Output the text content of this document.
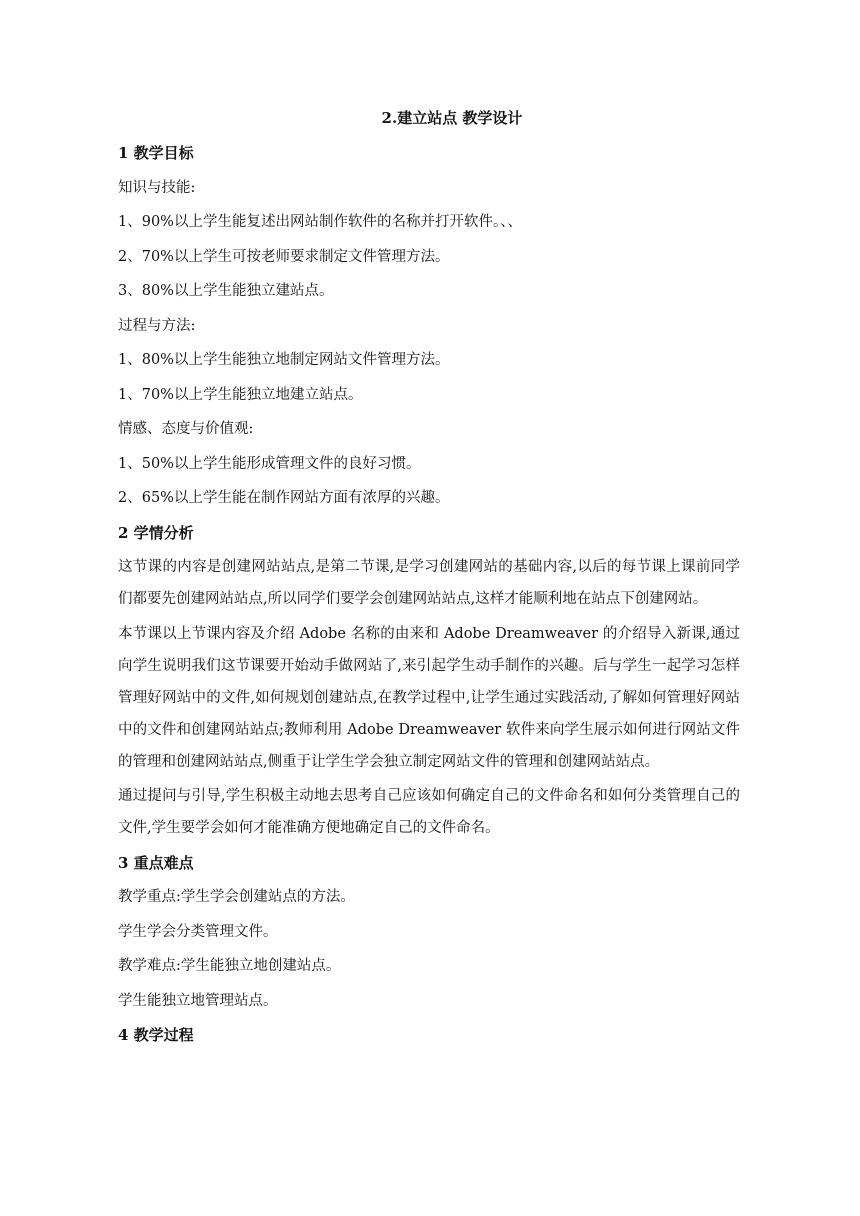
2.建立站点 教学设计
1 教学目标
知识与技能:
1、90%以上学生能复述出网站制作软件的名称并打开软件。、、
2、70%以上学生可按老师要求制定文件管理方法。
3、80%以上学生能独立建站点。
过程与方法:
1、80%以上学生能独立地制定网站文件管理方法。
1、70%以上学生能独立地建立站点。
情感、态度与价值观:
1、50%以上学生能形成管理文件的良好习惯。
2、65%以上学生能在制作网站方面有浓厚的兴趣。
2 学情分析
这节课的内容是创建网站站点,是第二节课,是学习创建网站的基础内容,以后的每节课上课前同学们都要先创建网站站点,所以同学们要学会创建网站站点,这样才能顺利地在站点下创建网站。
本节课以上节课内容及介绍 Adobe 名称的由来和 Adobe Dreamweaver 的介绍导入新课,通过向学生说明我们这节课要开始动手做网站了,来引起学生动手制作的兴趣。后与学生一起学习怎样管理好网站中的文件,如何规划创建站点,在教学过程中,让学生通过实践活动,了解如何管理好网站中的文件和创建网站站点;教师利用 Adobe Dreamweaver 软件来向学生展示如何进行网站文件的管理和创建网站站点,侧重于让学生学会独立制定网站文件的管理和创建网站站点。
通过提问与引导,学生积极主动地去思考自己应该如何确定自己的文件命名和如何分类管理自己的文件,学生要学会如何才能准确方便地确定自己的文件命名。
3 重点难点
教学重点:学生学会创建站点的方法。
学生学会分类管理文件。
教学难点:学生能独立地创建站点。
学生能独立地管理站点。
4 教学过程
